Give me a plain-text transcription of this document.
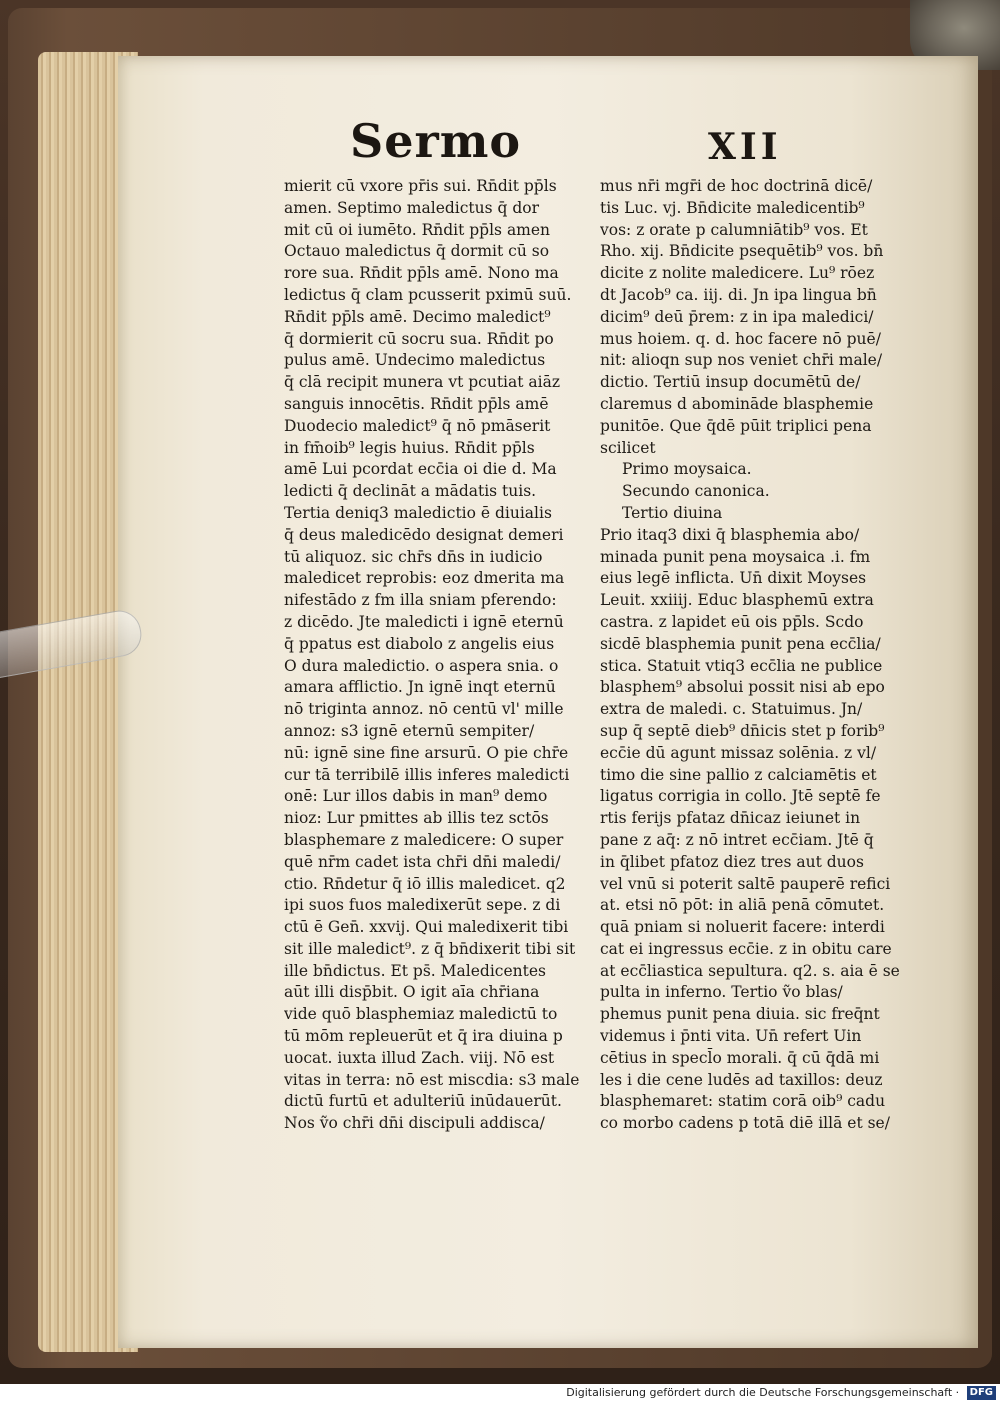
Sermo	XII
mierit cū vxore pr̄is sui. Rn̄dit pp̄ls
amen. Septimo maledictus q̄ dor
mit cū oi iumēto. Rn̄dit pp̄ls amen
Octauo maledictus q̄ dormit cū so
rore sua. Rn̄dit pp̄ls amē. Nono ma
ledictus q̄ clam pcusserit pximū suū.
Rn̄dit pp̄ls amē. Decimo maledict⁹
q̄ dormierit cū socru sua. Rn̄dit po
pulus amē. Undecimo maledictus
q̄ clā recipit munera vt pcutiat aiāz
sanguis innocētis. Rn̄dit pp̄ls amē
Duodecio maledict⁹ q̄ nō pmāserit
in fm̄oib⁹ legis huius. Rn̄dit pp̄ls
amē Lui pcordat ecc̄ia oi die d. Ma
ledicti q̄ declināt a mādatis tuis.
Tertia deniq3 maledictio ē diuialis
q̄ deus maledicēdo designat demeri
tū aliquoz. sic chr̄s dn̄s in iudicio
maledicet reprobis: eoz dmerita ma
nifestādo z fm illa sniam pferendo:
z dicēdo. Jte maledicti i ignē eternū
q̄ ppatus est diabolo z angelis eius
O dura maledictio. o aspera snia. o
amara afflictio. Jn ignē inqt eternū
nō triginta annoz. nō centū vl' mille
annoz: s3 ignē eternū sempiter/
nū: ignē sine fine arsurū. O pie chr̄e
cur tā terribilē illis inferes maledicti
onē: Lur illos dabis in man⁹ demo
nioz: Lur pmittes ab illis tez sctōs
blasphemare z maledicere: O super
quē nr̄m cadet ista chr̄i dn̄i maledi/
ctio. Rn̄detur q̄ iō illis maledicet. q2
ipi suos fuos maledixerūt sepe. z di
ctū ē Gen̄. xxvij. Qui maledixerit tibi
sit ille maledict⁹. z q̄ bn̄dixerit tibi sit
ille bn̄dictus. Et ps̄. Maledicentes
aūt illi disp̄bit. O igit aīa chr̄iana
vide quō blasphemiaz maledictū to
tū mōm repleuerūt et q̄ ira diuina p
uocat. iuxta illud Zach. viij. Nō est
vitas in terra: nō est miscdia: s3 male
dictū furtū et adulteriū inūdauerūt.
Nos ṽo chr̄i dn̄i discipuli addisca/
mus nr̄i mgr̄i de hoc doctrinā dicē/
tis Luc. vj. Bn̄dicite maledicentib⁹
vos: z orate p calumniātib⁹ vos. Et
Rho. xij. Bn̄dicite psequētib⁹ vos. bn̄
dicite z nolite maledicere. Lu⁹ rōez
dt Jacob⁹ ca. iij. di. Jn ipa lingua bn̄
dicim⁹ deū p̄rem: z in ipa maledici/
mus hoiem. q. d. hoc facere nō puē/
nit: alioqn sup nos veniet chr̄i male/
dictio. Tertiū insup documētū de/
claremus d abomināde blasphemie
punitōe. Que q̄dē pūit triplici pena
scilicet
Primo moysaica.
Secundo canonica.
Tertio diuina
Prio itaq3 dixi q̄ blasphemia abo/
minada punit pena moysaica .i. fm
eius legē inflicta. Un̄ dixit Moyses
Leuit. xxiiij. Educ blasphemū extra
castra. z lapidet eū ois pp̄ls. Scdo
sicdē blasphemia punit pena ecc̄lia/
stica. Statuit vtiq3 ecc̄lia ne publice
blasphem⁹ absolui possit nisi ab epo
extra de maledi. c. Statuimus. Jn/
sup q̄ septē dieb⁹ dn̄icis stet p forib⁹
ecc̄ie dū agunt missaz solēnia. z vl/
timo die sine pallio z calciamētis et
ligatus corrigia in collo. Jtē septē fe
rtis ferijs pfataz dn̄icaz ieiunet in
pane z aq̄: z nō intret ecc̄iam. Jtē q̄
in q̄libet pfatoz diez tres aut duos
vel vnū si poterit saltē pauperē refici
at. etsi nō pōt: in aliā penā cōmutet.
quā pniam si noluerit facere: interdi
cat ei ingressus ecc̄ie. z in obitu care
at ecc̄liastica sepultura. q2. s. aia ē se
pulta in inferno. Tertio ṽo blas/
phemus punit pena diuia. sic freq̄nt
videmus i p̄nti vita. Un̄ refert Uin
cētius in specl̄o morali. q̄ cū q̄dā mi
les i die cene ludēs ad taxillos: deuz
blasphemaret: statim corā oib⁹ cadu
co morbo cadens p totā diē illā et se/
Digitalisierung gefördert durch die Deutsche Forschungsgemeinschaft · DFG
